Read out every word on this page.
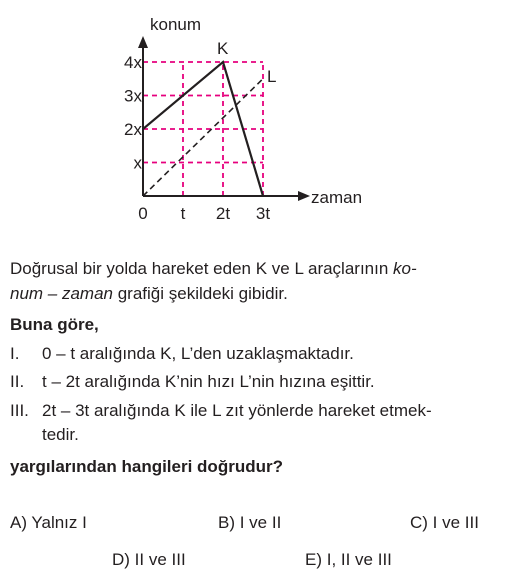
K
L
konum
zaman
0 t 2t 3t
x
2x
3x
4x
Doğrusal bir yolda hareket eden K ve L araçlarının ko-
num – zaman grafiği şekildeki gibidir.
Buna göre,
I. 0 – t aralığında K, L’den uzaklaşmaktadır.
II. t – 2t aralığında K’nin hızı L’nin hızına eşittir.
III. 2t – 3t aralığında K ile L zıt yönlerde hareket etmek-
tedir.
yargılarından hangileri doğrudur?
A) Yalnız I	B) I ve II	C) I ve III
D) II ve III	E) I, II ve III
